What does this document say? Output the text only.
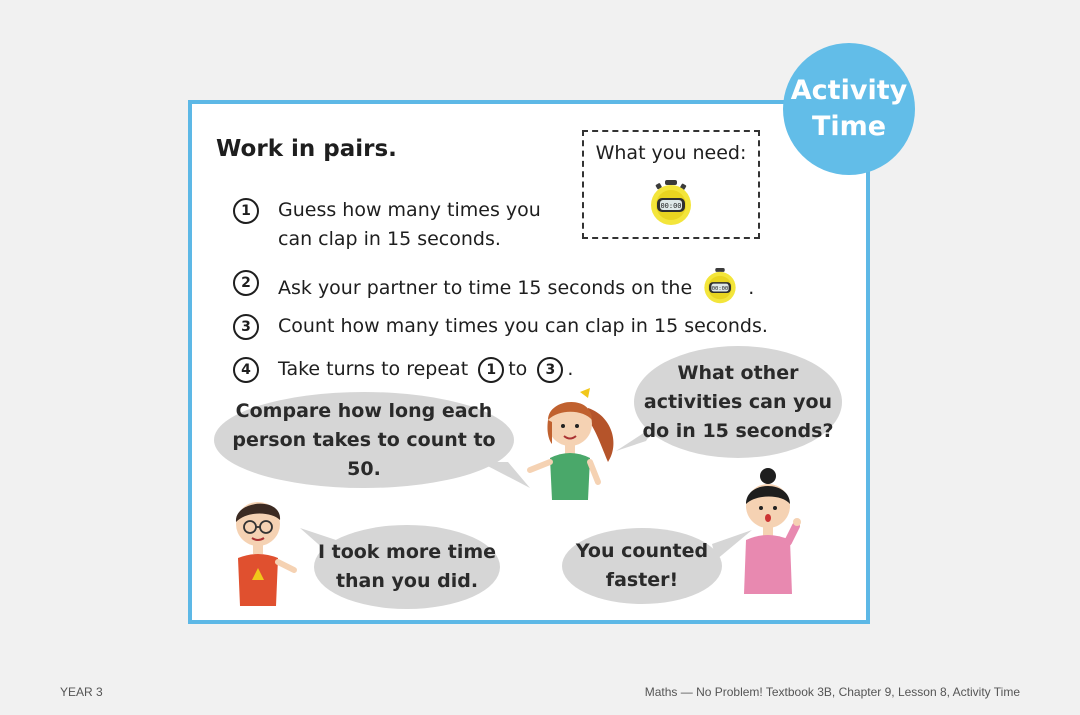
Activity
Time
Work in pairs.	What you need:
00:00
1	Guess how many times you
can clap in 15 seconds.
2	Ask your partner to time 15 seconds on the	00:00 .
3	Count how many times you can clap in 15 seconds.
4	Take turns to repeat 1 to 3 .
Compare how long each
person takes to count to 50.
What other
activities can you
do in 15 seconds?
I took more time
than you did.
You counted
faster!
YEAR 3	Maths — No Problem! Textbook 3B, Chapter 9, Lesson 8, Activity Time
